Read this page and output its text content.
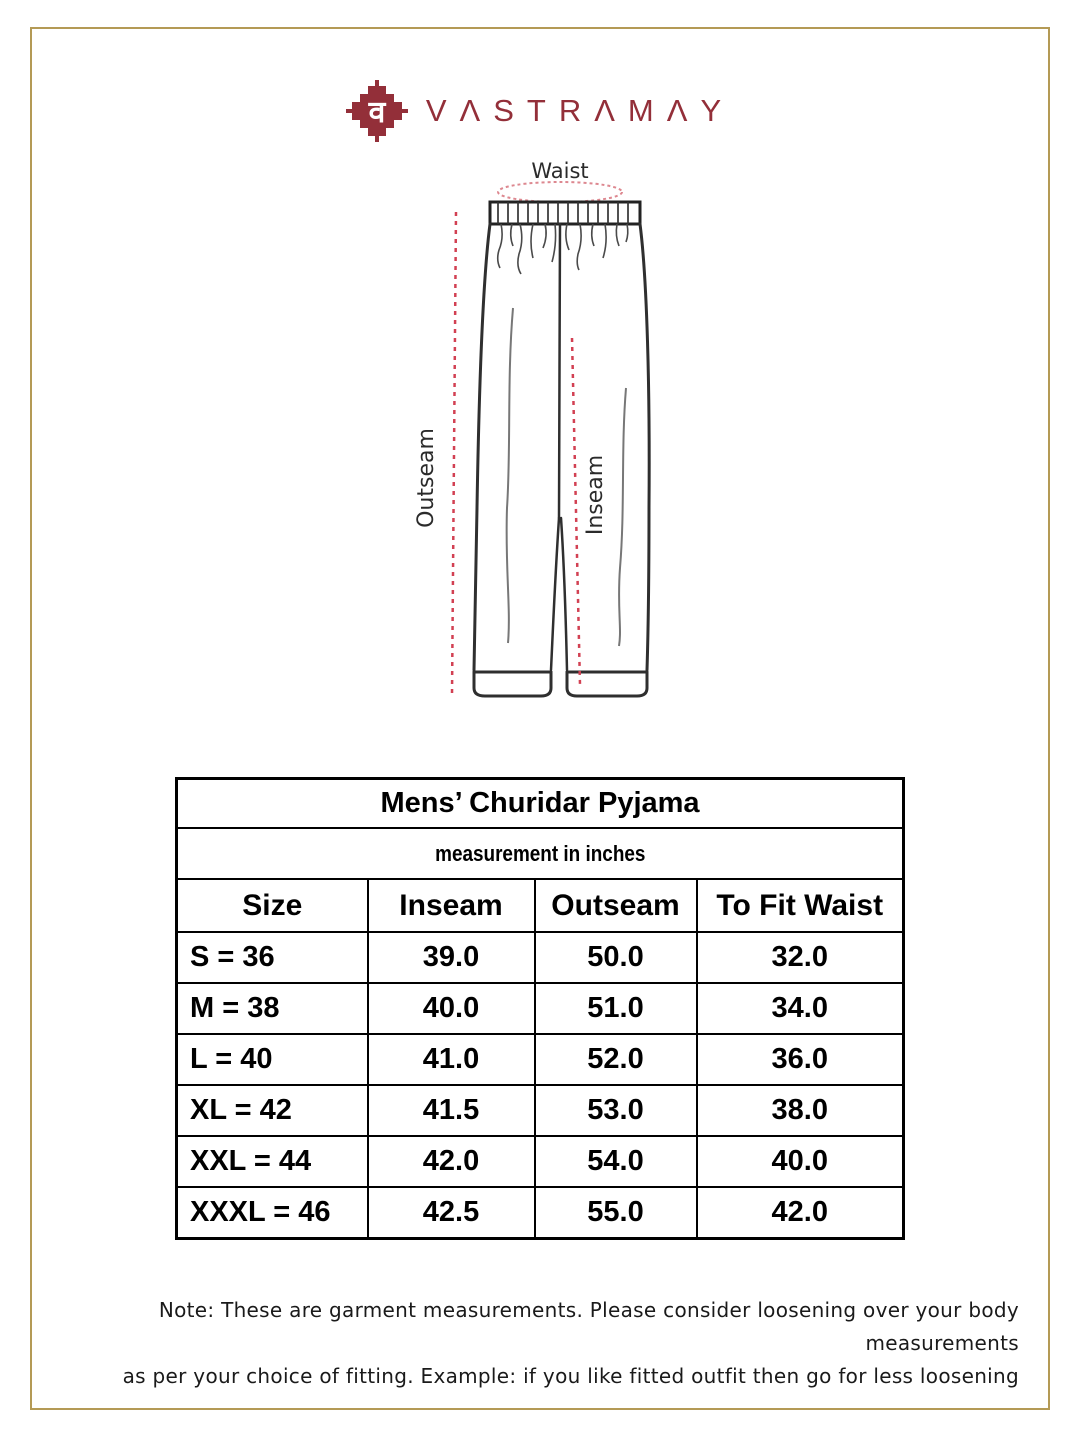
व VΛSTRΛMΛY
Waist
Outseam	Inseam
Mens’ Churidar Pyjama			
measurement in inches			
Size	Inseam	Outseam	To Fit Waist
S = 36	39.0	50.0	32.0
M = 38	40.0	51.0	34.0
L = 40	41.0	52.0	36.0
XL = 42	41.5	53.0	38.0
XXL = 44	42.0	54.0	40.0
XXXL = 46	42.5	55.0	42.0
Note: These are garment measurements. Please consider loosening over your body measurements
as per your choice of fitting. Example: if you like fitted outfit then go for less loosening
